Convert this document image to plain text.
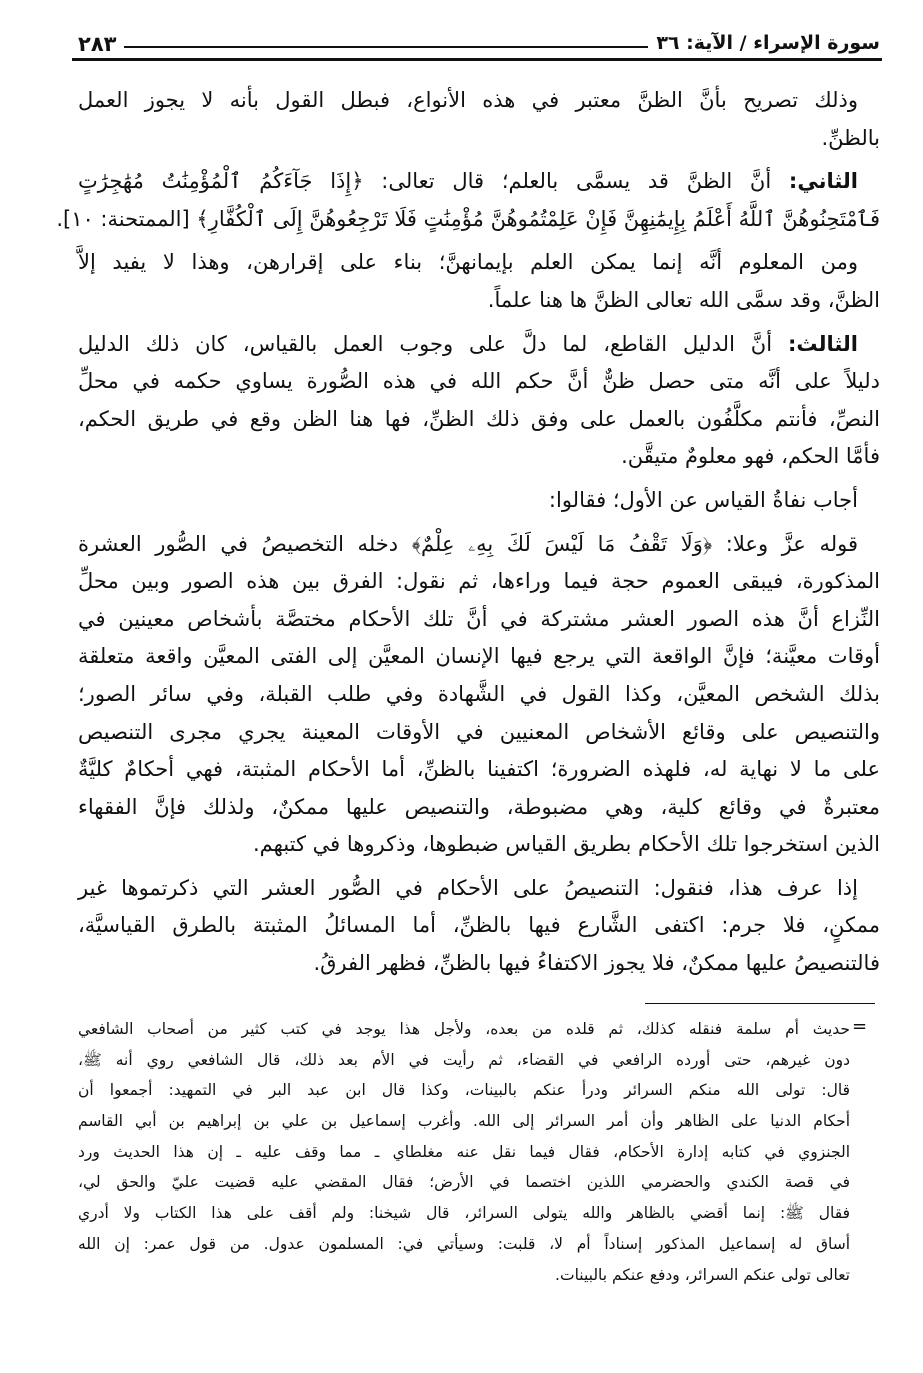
سورة الإسراء / الآية: ٣٦
٢٨٣
وذلك تصريح بأنَّ الظنَّ معتبر في هذه الأنواع، فبطل القول بأنه لا يجوز العمل
بالظنِّ.
الثاني: أنَّ الظنَّ قد يسمَّى بالعلم؛ قال تعالى: ﴿إِذَا جَآءَكُمُ ٱلْمُؤْمِنَٰتُ مُهَٰجِرَٰتٍ
فَٱمْتَحِنُوهُنَّ ٱللَّهُ أَعْلَمُ بِإِيمَٰنِهِنَّ فَإِنْ عَلِمْتُمُوهُنَّ مُؤْمِنَٰتٍ فَلَا تَرْجِعُوهُنَّ إِلَى ٱلْكُفَّارِ﴾ [الممتحنة: ١٠].
ومن المعلوم أنَّه إنما يمكن العلم بإيمانهنَّ؛ بناء على إقرارهن، وهذا لا يفيد إلاَّ
الظنَّ، وقد سمَّى الله تعالى الظنَّ ها هنا علماً.
الثالث: أنَّ الدليل القاطع، لما دلَّ على وجوب العمل بالقياس، كان ذلك الدليل
دليلاً على أنَّه متى حصل ظنٌّ أنَّ حكم الله في هذه الصُّورة يساوي حكمه في محلِّ
النصِّ، فأنتم مكلَّفُون بالعمل على وفق ذلك الظنِّ، فها هنا الظن وقع في طريق الحكم،
فأمَّا الحكم، فهو معلومٌ متيقَّن.
أجاب نفاةُ القياس عن الأول؛ فقالوا:
قوله عزَّ وعلا: ﴿وَلَا تَقْفُ مَا لَيْسَ لَكَ بِهِۦ عِلْمٌ﴾ دخله التخصيصُ في الصُّور العشرة
المذكورة، فيبقى العموم حجة فيما وراءها، ثم نقول: الفرق بين هذه الصور وبين محلِّ
النِّزاع أنَّ هذه الصور العشر مشتركة في أنَّ تلك الأحكام مختصَّة بأشخاص معينين في
أوقات معيَّنة؛ فإنَّ الواقعة التي يرجع فيها الإنسان المعيَّن إلى الفتى المعيَّن واقعة متعلقة
بذلك الشخص المعيَّن، وكذا القول في الشَّهادة وفي طلب القبلة، وفي سائر الصور؛
والتنصيص على وقائع الأشخاص المعنيين في الأوقات المعينة يجري مجرى التنصيص
على ما لا نهاية له، فلهذه الضرورة؛ اكتفينا بالظنِّ، أما الأحكام المثبتة، فهي أحكامٌ كليَّةٌ
معتبرةٌ في وقائع كلية، وهي مضبوطة، والتنصيص عليها ممكنٌ، ولذلك فإنَّ الفقهاء
الذين استخرجوا تلك الأحكام بطريق القياس ضبطوها، وذكروها في كتبهم.
إذا عرف هذا، فنقول: التنصيصُ على الأحكام في الصُّور العشر التي ذكرتموها غير
ممكنٍ، فلا جرم: اكتفى الشَّارع فيها بالظنِّ، أما المسائلُ المثبتة بالطرق القياسيَّة،
فالتنصيصُ عليها ممكنٌ، فلا يجوز الاكتفاءُ فيها بالظنِّ، فظهر الفرقُ.
=
حديث أم سلمة فنقله كذلك، ثم قلده من بعده، ولأجل هذا يوجد في كتب كثير من أصحاب الشافعي
دون غيرهم، حتى أورده الرافعي في القضاء، ثم رأيت في الأم بعد ذلك، قال الشافعي روي أنه ﷺ،
قال: تولى الله منكم السرائر ودرأ عنكم بالبينات، وكذا قال ابن عبد البر في التمهيد: أجمعوا أن
أحكام الدنيا على الظاهر وأن أمر السرائر إلى الله. وأغرب إسماعيل بن علي بن إبراهيم بن أبي القاسم
الجنزوي في كتابه إدارة الأحكام، فقال فيما نقل عنه مغلطاي ـ مما وقف عليه ـ إن هذا الحديث ورد
في قصة الكندي والحضرمي اللذين اختصما في الأرض؛ فقال المقضي عليه قضيت عليّ والحق لي،
فقال ﷺ: إنما أقضي بالظاهر والله يتولى السرائر، قال شيخنا: ولم أقف على هذا الكتاب ولا أدري
أساق له إسماعيل المذكور إسناداً أم لا، قلبت: وسيأتي في: المسلمون عدول. من قول عمر: إن الله
تعالى تولى عنكم السرائر، ودفع عنكم بالبينات.
